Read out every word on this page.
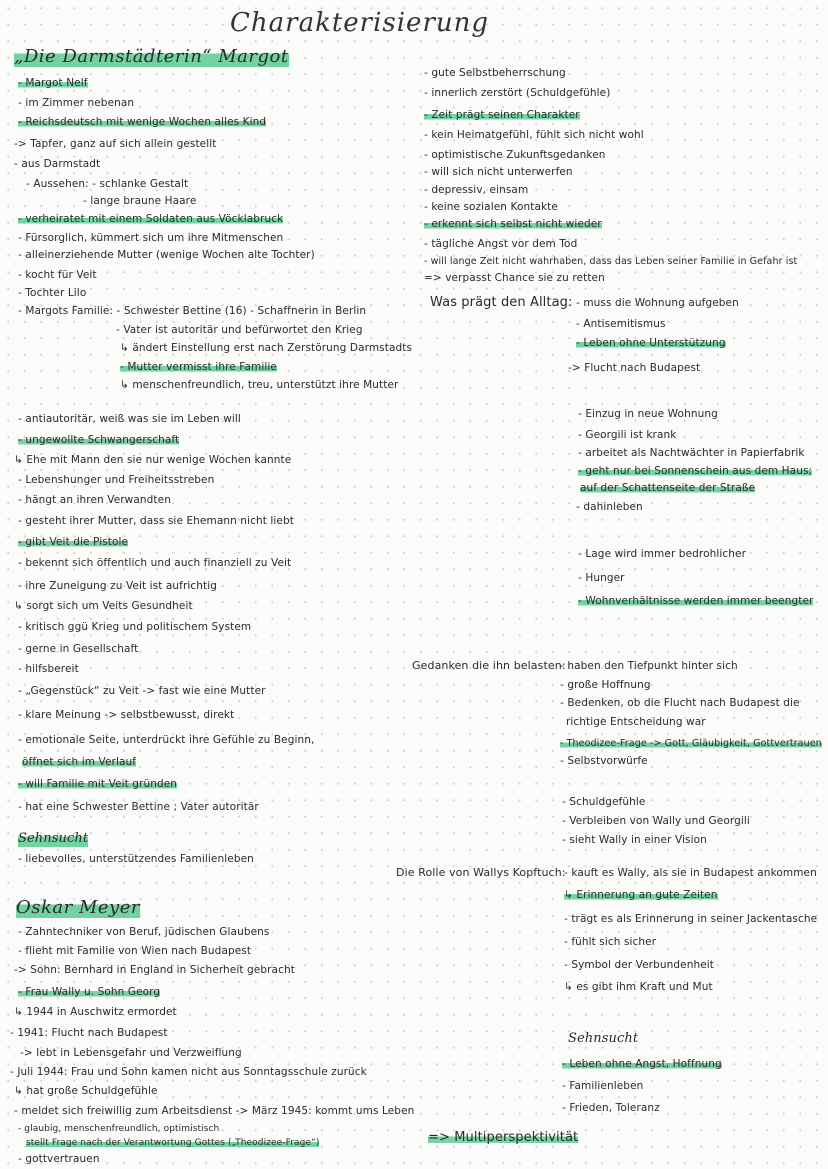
Charakterisierung
„Die Darmstädterin“ Margot
- Margot Nelf
- im Zimmer nebenan
- Reichsdeutsch mit wenige Wochen alles Kind
-> Tapfer, ganz auf sich allein gestellt
- aus Darmstadt
- Aussehen: - schlanke Gestalt
- lange braune Haare
- verheiratet mit einem Soldaten aus Vöcklabruck
- Fürsorglich, kümmert sich um ihre Mitmenschen
- alleinerziehende Mutter (wenige Wochen alte Tochter)
- kocht für Veit
- Tochter Lilo
- Margots Familie: - Schwester Bettine (16) - Schaffnerin in Berlin
- Vater ist autoritär und befürwortet den Krieg
↳ ändert Einstellung erst nach Zerstörung Darmstadts
- Mutter vermisst ihre Familie
↳ menschenfreundlich, treu, unterstützt ihre Mutter
- antiautoritär, weiß was sie im Leben will
- ungewollte Schwangerschaft
↳ Ehe mit Mann den sie nur wenige Wochen kannte
- Lebenshunger und Freiheitsstreben
- hängt an ihren Verwandten
- gesteht ihrer Mutter, dass sie Ehemann nicht liebt
- gibt Veit die Pistole
- bekennt sich öffentlich und auch finanziell zu Veit
- ihre Zuneigung zu Veit ist aufrichtig
↳ sorgt sich um Veits Gesundheit
- kritisch ggü Krieg und politischem System
- gerne in Gesellschaft
- hilfsbereit
- „Gegenstück“ zu Veit -> fast wie eine Mutter
- klare Meinung -> selbstbewusst, direkt
- emotionale Seite, unterdrückt ihre Gefühle zu Beginn,
öffnet sich im Verlauf
- will Familie mit Veit gründen
- hat eine Schwester Bettine ; Vater autoritär
Sehnsucht
- liebevolles, unterstützendes Familienleben
Oskar Meyer
- Zahntechniker von Beruf, jüdischen Glaubens
- flieht mit Familie von Wien nach Budapest
-> Sohn: Bernhard in England in Sicherheit gebracht
- Frau Wally u. Sohn Georg
↳ 1944 in Auschwitz ermordet
- 1941: Flucht nach Budapest
-> lebt in Lebensgefahr und Verzweiflung
- Juli 1944: Frau und Sohn kamen nicht aus Sonntagsschule zurück
↳ hat große Schuldgefühle
- meldet sich freiwillig zum Arbeitsdienst -> März 1945: kommt ums Leben
- glaubig, menschenfreundlich, optimistisch
stellt Frage nach der Verantwortung Gottes („Theodizee-Frage“)
- gottvertrauen
- gute Selbstbeherrschung
- innerlich zerstört (Schuldgefühle)
- Zeit prägt seinen Charakter
- kein Heimatgefühl, fühlt sich nicht wohl
- optimistische Zukunftsgedanken
- will sich nicht unterwerfen
- depressiv, einsam
- keine sozialen Kontakte
- erkennt sich selbst nicht wieder
- tägliche Angst vor dem Tod
- will lange Zeit nicht wahrhaben, dass das Leben seiner Familie in Gefahr ist
=> verpasst Chance sie zu retten
Was prägt den Alltag: - muss die Wohnung aufgeben
- Antisemitismus
- Leben ohne Unterstützung
-> Flucht nach Budapest
- Einzug in neue Wohnung
- Georgili ist krank
- arbeitet als Nachtwächter in Papierfabrik
- geht nur bei Sonnenschein aus dem Haus;
auf der Schattenseite der Straße
- dahinleben
- Lage wird immer bedrohlicher
- Hunger
- Wohnverhältnisse werden immer beengter
Gedanken die ihn belasten:
- haben den Tiefpunkt hinter sich
- große Hoffnung
- Bedenken, ob die Flucht nach Budapest die
richtige Entscheidung war
- Theodizee-Frage -> Gott, Gläubigkeit, Gottvertrauen
- Selbstvorwürfe
- Schuldgefühle
- Verbleiben von Wally und Georgili
- sieht Wally in einer Vision
Die Rolle von Wallys Kopftuch:
- kauft es Wally, als sie in Budapest ankommen
↳ Erinnerung an gute Zeiten
- trägt es als Erinnerung in seiner Jackentasche
- fühlt sich sicher
- Symbol der Verbundenheit
↳ es gibt ihm Kraft und Mut
Sehnsucht
- Leben ohne Angst, Hoffnung
- Familienleben
- Frieden, Toleranz
=> Multiperspektivität
